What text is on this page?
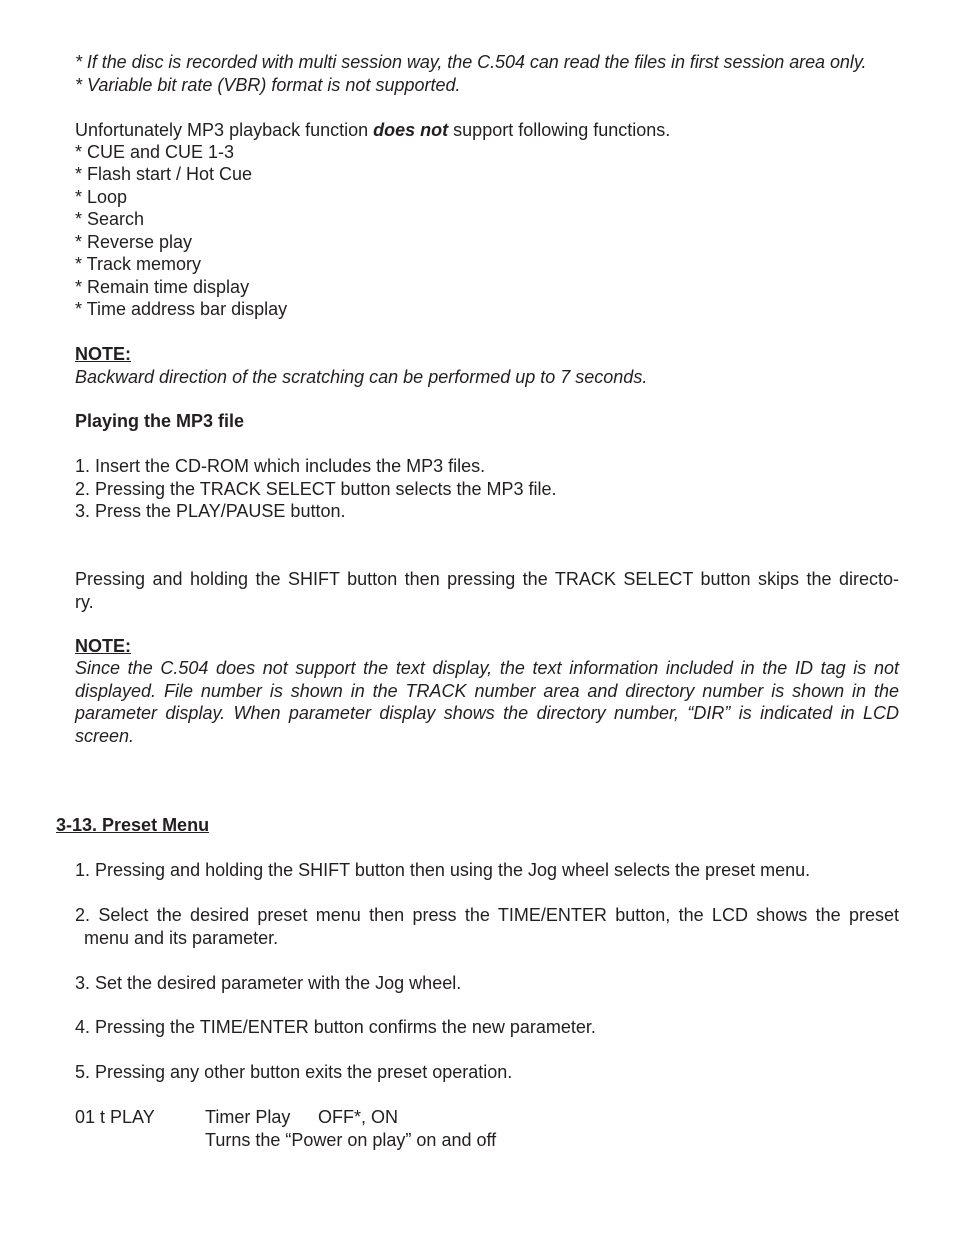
* If the disc is recorded with multi session way, the C.504 can read the files in first session area only.
* Variable bit rate (VBR) format is not supported.
Unfortunately MP3 playback function does not support following functions.
* CUE and CUE 1-3
* Flash start / Hot Cue
* Loop
* Search
* Reverse play
* Track memory
* Remain time display
* Time address bar display
NOTE:
Backward direction of the scratching can be performed up to 7 seconds.
Playing the MP3 file
1. Insert the CD-ROM which includes the MP3 files.
2. Pressing the TRACK SELECT button selects the MP3 file.
3. Press the PLAY/PAUSE button.
Pressing and holding the SHIFT button then pressing the TRACK SELECT button skips the directo-
ry.
NOTE:
Since the C.504 does not support the text display, the text information included in the ID tag is not
displayed. File number is shown in the TRACK number area and directory number is shown in the
parameter display. When parameter display shows the directory number, “DIR” is indicated in LCD
screen.
3-13. Preset Menu
1. Pressing and holding the SHIFT button then using the Jog wheel selects the preset menu.
2. Select the desired preset menu then press the TIME/ENTER button, the LCD shows the preset
menu and its parameter.
3. Set the desired parameter with the Jog wheel.
4. Pressing the TIME/ENTER button confirms the new parameter.
5. Pressing any other button exits the preset operation.
01 t PLAY	Timer Play OFF*, ON
Turns the “Power on play” on and off
